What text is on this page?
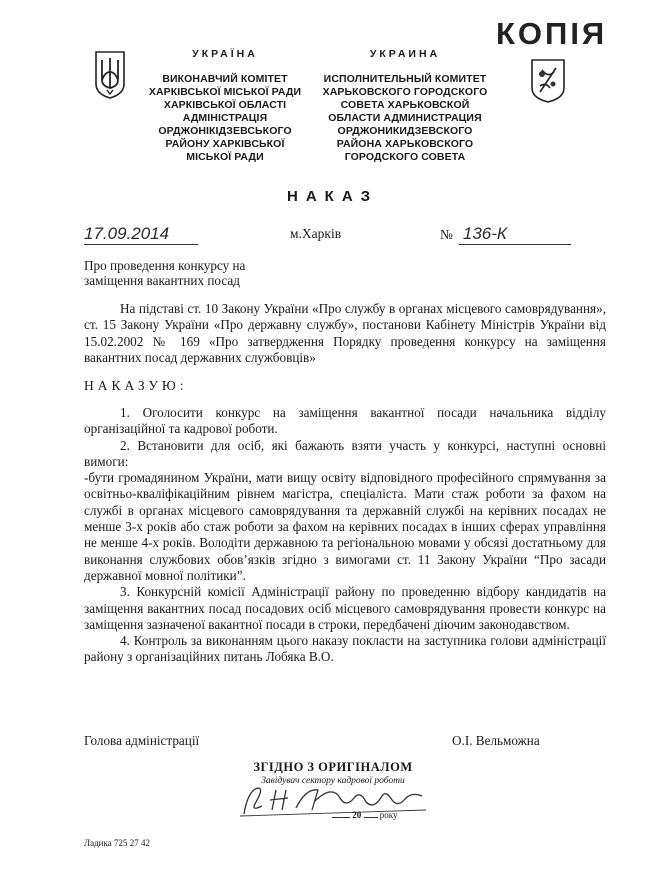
УКРАЇНА
ВИКОНАВЧИЙ КОМІТЕТ
ХАРКІВСЬКОЇ МІСЬКОЇ РАДИ
ХАРКІВСЬКОЇ ОБЛАСТІ
АДМІНІСТРАЦІЯ
ОРДЖОНІКІДЗЕВСЬКОГО
РАЙОНУ ХАРКІВСЬКОЇ
МІСЬКОЇ РАДИ
УКРАИНА
ИСПОЛНИТЕЛЬНЫЙ КОМИТЕТ
ХАРЬКОВСКОГО ГОРОДСКОГО
СОВЕТА ХАРЬКОВСКОЙ
ОБЛАСТИ АДМИНИСТРАЦИЯ
ОРДЖОНИКИДЗЕВСКОГО
РАЙОНА ХАРЬКОВСКОГО
ГОРОДСКОГО СОВЕТА
КОПІЯ
НАКАЗ
17.09.2014	м.Харків	№ 136-К
Про проведення конкурсу на
заміщення вакантних посад

На підставі ст. 10 Закону України «Про службу в органах місцевого самоврядування», ст. 15 Закону України «Про державну службу», постанови Кабінету Міністрів України від 15.02.2002 № 169 «Про затвердження Порядку проведення конкурсу на заміщення вакантних посад державних службовців»

НАКАЗУЮ:

1. Оголосити конкурс на заміщення вакантної посади начальника відділу організаційної та кадрової роботи.

2. Встановити для осіб, які бажають взяти участь у конкурсі, наступні основні вимоги:

-бути громадянином України, мати вищу освіту відповідного професійного спрямування за освітньо-кваліфікаційним рівнем магістра, спеціаліста. Мати стаж роботи за фахом на службі в органах місцевого самоврядування та державній службі на керівних посадах не менше 3-х років або стаж роботи за фахом на керівних посадах в інших сферах управління не менше 4-х років. Володіти державною та регіональною мовами у обсязі достатньому для виконання службових обов’язків згідно з вимогами ст. 11 Закону України “Про засади державної мовної політики”.

3. Конкурсній комісії Адміністрації району по проведенню відбору кандидатів на заміщення вакантних посад посадових осіб місцевого самоврядування провести конкурс на заміщення зазначеної вакантної посади в строки, передбачені діючим законодавством.

4. Контроль за виконанням цього наказу покласти на заступника голови адміністрації району з організаційних питань Лобяка В.О.

Голова адміністрації	О.І. Вельможна
ЗГІДНО З ОРИГІНАЛОМ
Завідувач сектору кадрової роботи
20 року
Ладика 725 27 42
